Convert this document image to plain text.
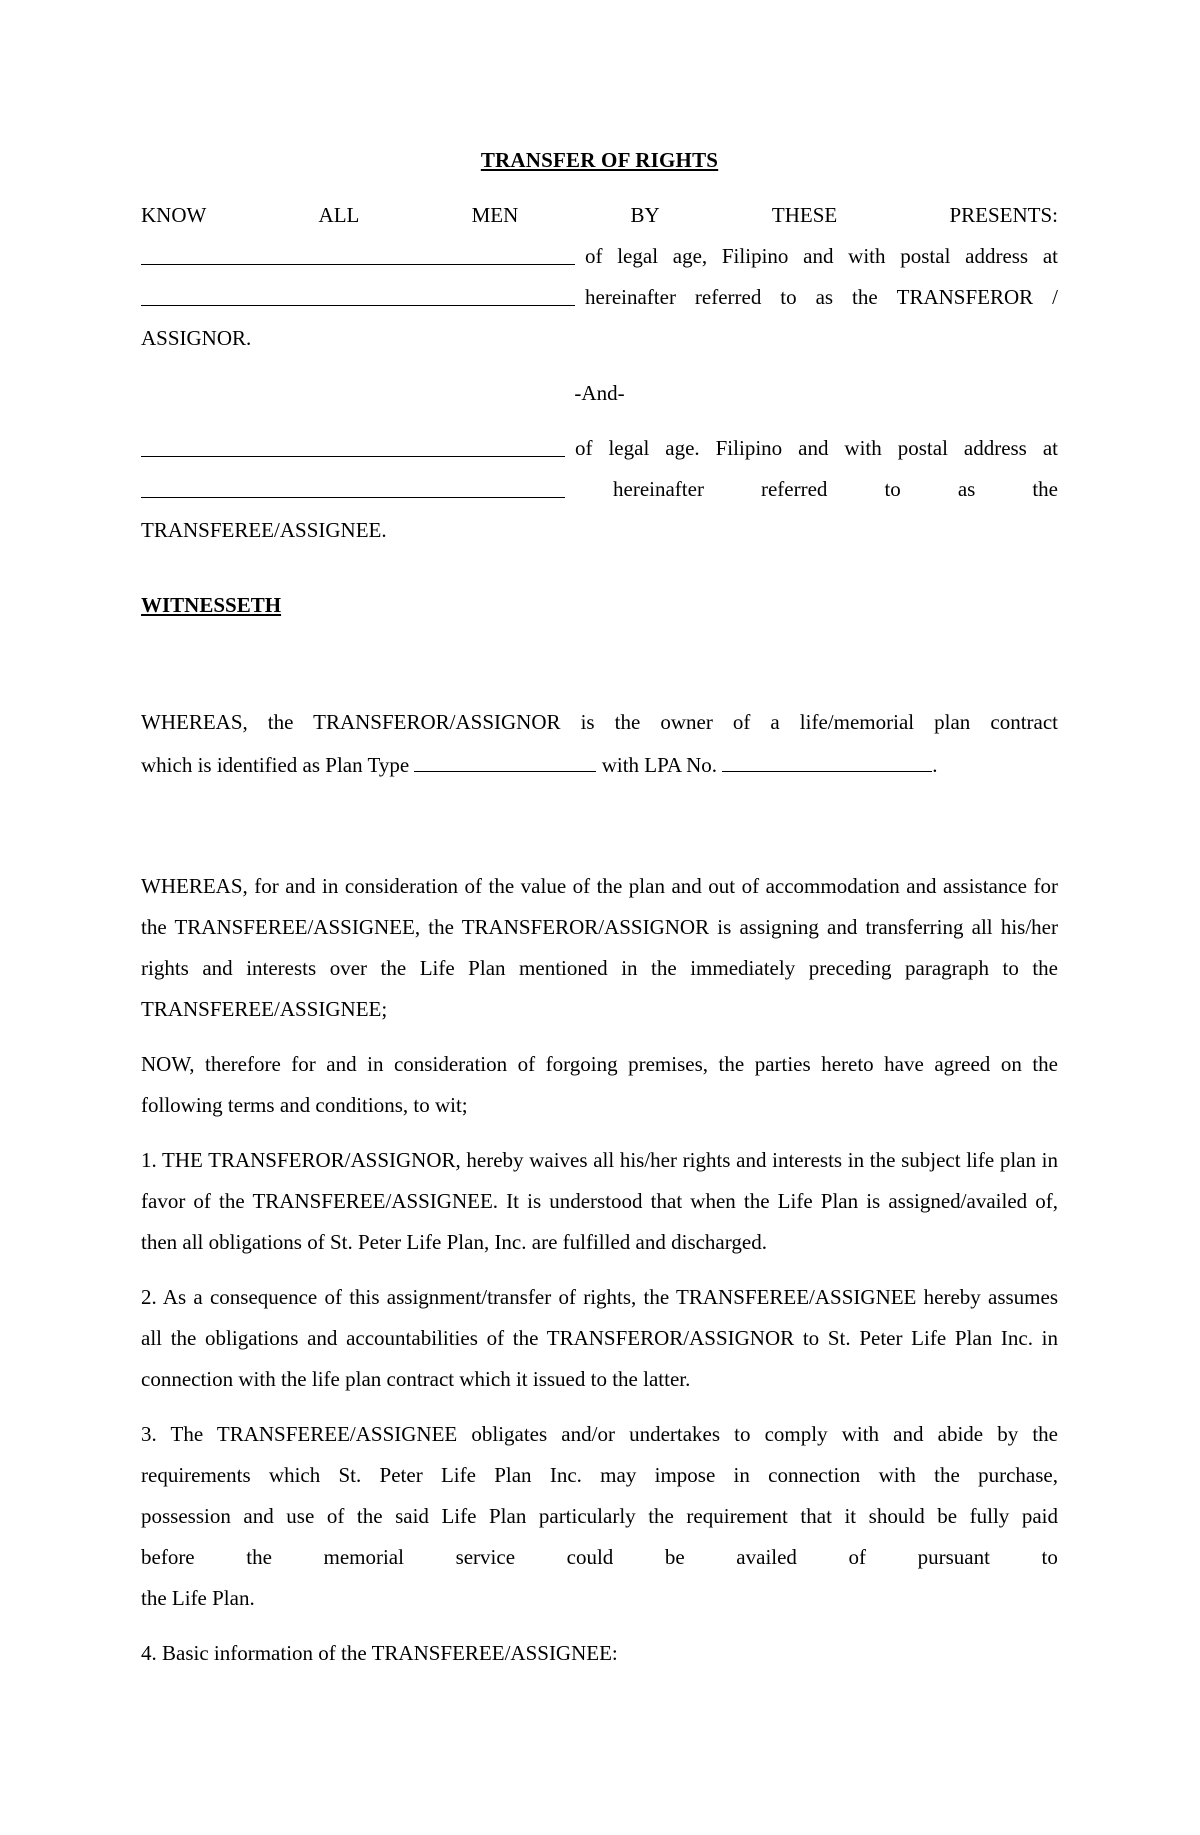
TRANSFER OF RIGHTS

KNOW	ALL	MEN	BY	THESE	PRESENTS:
of legal age, Filipino and with postal address at
hereinafter referred to as the TRANSFEROR /

ASSIGNOR.

-And-

of legal age. Filipino and with postal address at
hereinafter	referred	to	as	the

TRANSFEREE/ASSIGNEE.

WITNESSETH

WHEREAS, the TRANSFEROR/ASSIGNOR is the owner of a life/memorial plan contract

which is identified as Plan Type	with LPA No.	.

WHEREAS, for and in consideration of the value of the plan and out of accommodation and assistance for the TRANSFEREE/ASSIGNEE, the TRANSFEROR/ASSIGNOR is assigning and transferring all his/her rights and interests over the Life Plan mentioned in the immediately preceding paragraph to the TRANSFEREE/ASSIGNEE;

NOW, therefore for and in consideration of forgoing premises, the parties hereto have agreed on the following terms and conditions, to wit;

1. THE TRANSFEROR/ASSIGNOR, hereby waives all his/her rights and interests in the subject life plan in favor of the TRANSFEREE/ASSIGNEE. It is understood that when the Life Plan is assigned/availed of, then all obligations of St. Peter Life Plan, Inc. are fulfilled and discharged.

2. As a consequence of this assignment/transfer of rights, the TRANSFEREE/ASSIGNEE hereby assumes all the obligations and accountabilities of the TRANSFEROR/ASSIGNOR to St. Peter Life Plan Inc. in connection with the life plan contract which it issued to the latter.

3. The TRANSFEREE/ASSIGNEE obligates and/or undertakes to comply with and abide by the

requirements which St. Peter Life Plan Inc. may impose in connection with the purchase,

possession and use of the said Life Plan particularly the requirement that it should be fully paid

before the memorial service could be availed of pursuant to

the Life Plan.

4. Basic information of the TRANSFEREE/ASSIGNEE:
